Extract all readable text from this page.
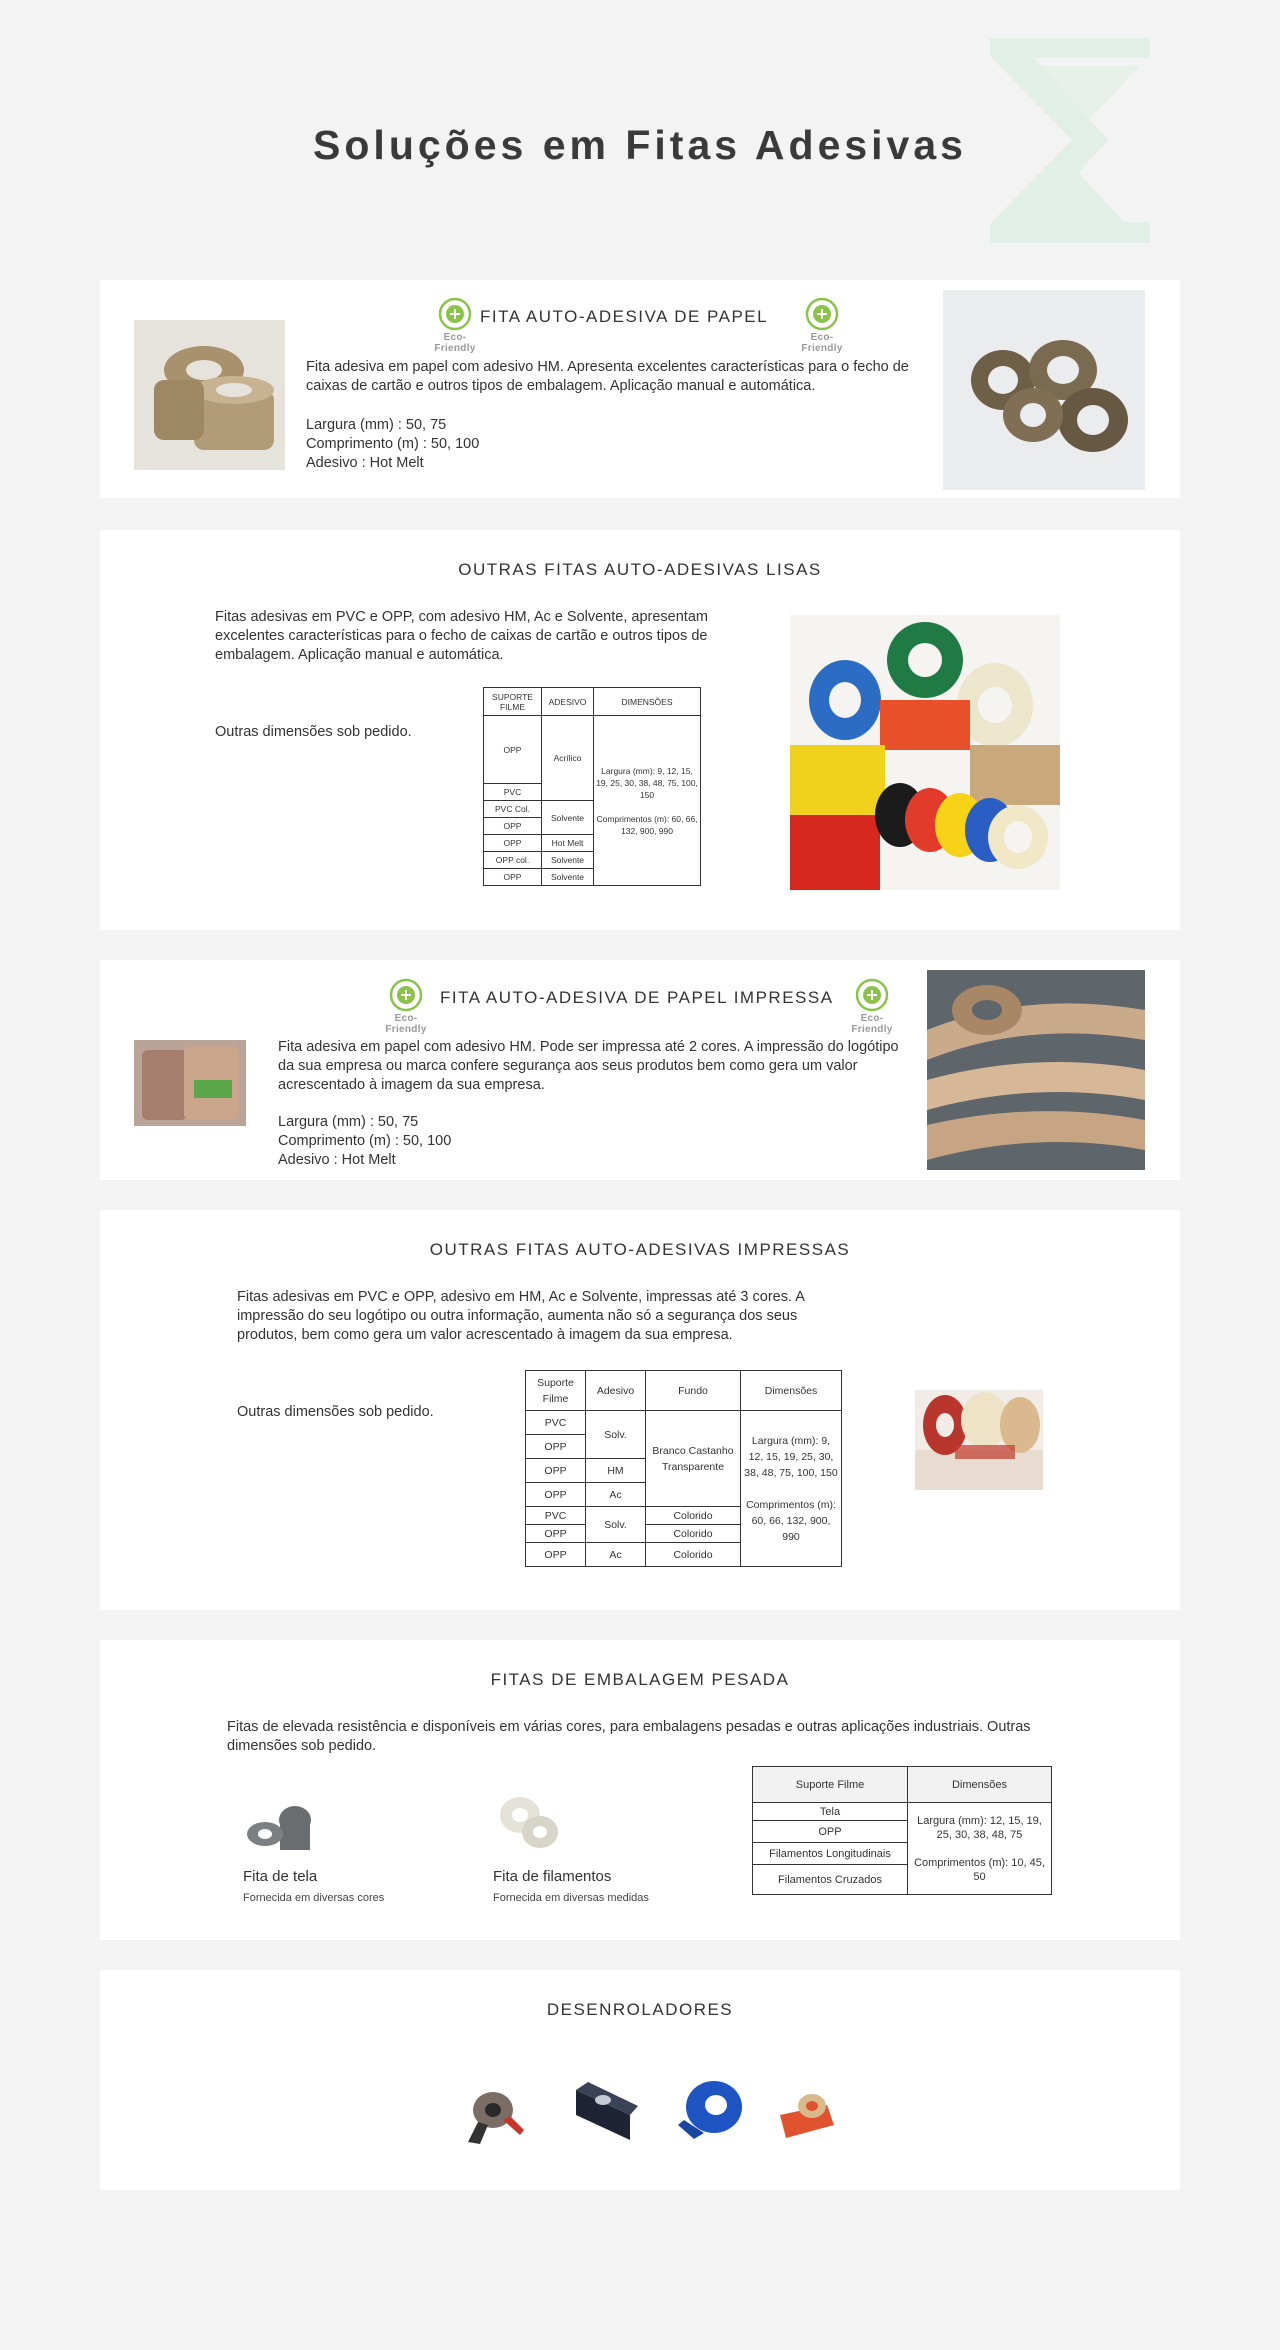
Soluções em Fitas Adesivas
Eco-Friendly
FITA AUTO-ADESIVA DE PAPEL
Eco-Friendly

Fita adesiva em papel com adesivo HM. Apresenta excelentes características para o fecho de caixas de cartão e outros tipos de embalagem. Aplicação manual e automática.

Largura (mm) : 50, 75
Comprimento (m) : 50, 100
Adesivo : Hot Melt
OUTRAS FITAS AUTO-ADESIVAS LISAS

Fitas adesivas em PVC e OPP, com adesivo HM, Ac e Solvente, apresentam excelentes características para o fecho de caixas de cartão e outros tipos de embalagem. Aplicação manual e automática.

Outras dimensões sob pedido.

SUPORTE FILME	ADESIVO	DIMENSÕES
OPP	Acrílico	Largura (mm): 9, 12, 15, 19, 25, 30, 38, 48, 75, 100, 150

Comprimentos (m): 60, 66, 132, 900, 990

PVC		
PVC Col.	Solvente	
OPP		
OPP	Hot Melt	
OPP col.	Solvente	
OPP	Solvente	
Eco-Friendly
FITA AUTO-ADESIVA DE PAPEL IMPRESSA
Eco-Friendly

Fita adesiva em papel com adesivo HM. Pode ser impressa até 2 cores. A impressão do logótipo da sua empresa ou marca confere segurança aos seus produtos bem como gera um valor acrescentado à imagem da sua empresa.

Largura (mm) : 50, 75
Comprimento (m) : 50, 100
Adesivo : Hot Melt
OUTRAS FITAS AUTO-ADESIVAS IMPRESSAS

Fitas adesivas em PVC e OPP, adesivo em HM, Ac e Solvente, impressas até 3 cores. A impressão do seu logótipo ou outra informação, aumenta não só a segurança dos seus produtos, bem como gera um valor acrescentado à imagem da sua empresa.

Outras dimensões sob pedido.

Suporte Filme	Adesivo	Fundo	Dimensões
PVC	Solv.	Branco Castanho Transparente	Largura (mm): 9, 12, 15, 19, 25, 30, 38, 48, 75, 100, 150

Comprimentos (m): 60, 66, 132, 900, 990

OPP			
OPP	HM		
OPP	Ac		
PVC	Solv.	Colorido	
OPP		Colorido	
OPP	Ac	Colorido	
FITAS DE EMBALAGEM PESADA

Fitas de elevada resistência e disponíveis em várias cores, para embalagens pesadas e outras aplicações industriais. Outras dimensões sob pedido.

Fita de tela
Fornecida em diversas cores
Fita de filamentos
Fornecida em diversas medidas
Suporte Filme	Dimensões
Tela	Largura (mm): 12, 15, 19, 25, 30, 38, 48, 75

Comprimentos (m): 10, 45, 50

OPP	
Filamentos Longitudinais	
Filamentos Cruzados	
DESENROLADORES
